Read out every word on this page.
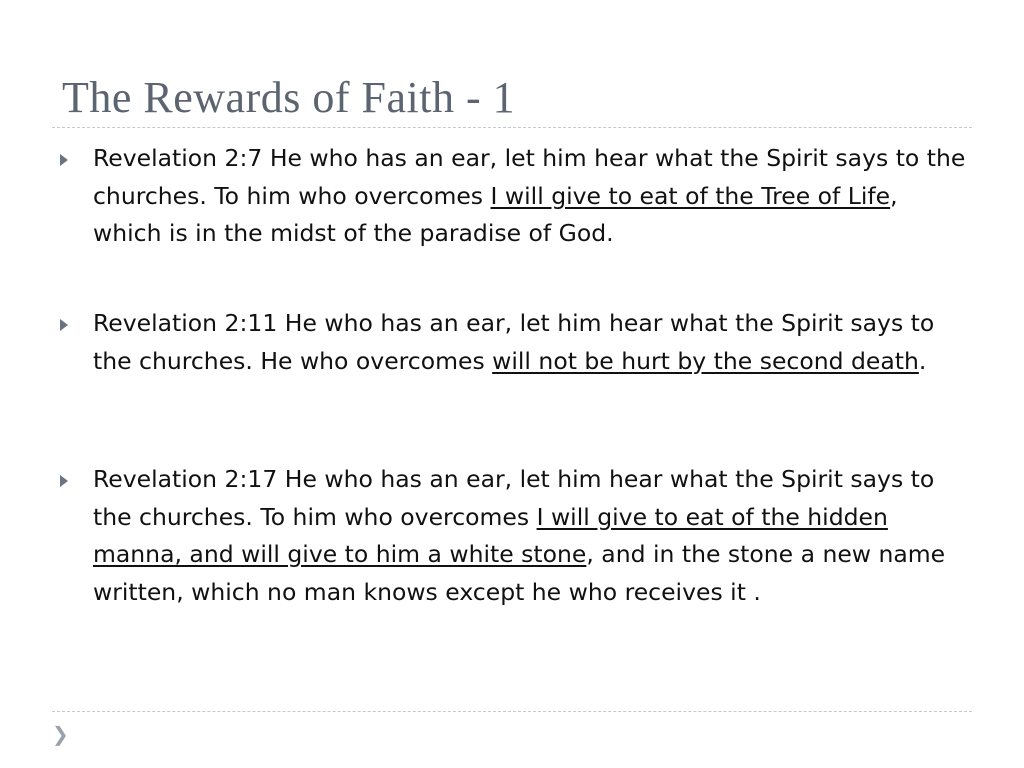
The Rewards of Faith - 1
Revelation 2:7 He who has an ear, let him hear what the Spirit says to the churches. To him who overcomes I will give to eat of the Tree of Life, which is in the midst of the paradise of God.
Revelation 2:11 He who has an ear, let him hear what the Spirit says to the churches. He who overcomes will not be hurt by the second death.
Revelation 2:17 He who has an ear, let him hear what the Spirit says to the churches. To him who overcomes I will give to eat of the hidden manna, and will give to him a white stone, and in the stone a new name written, which no man knows except he who receives it .
❯
